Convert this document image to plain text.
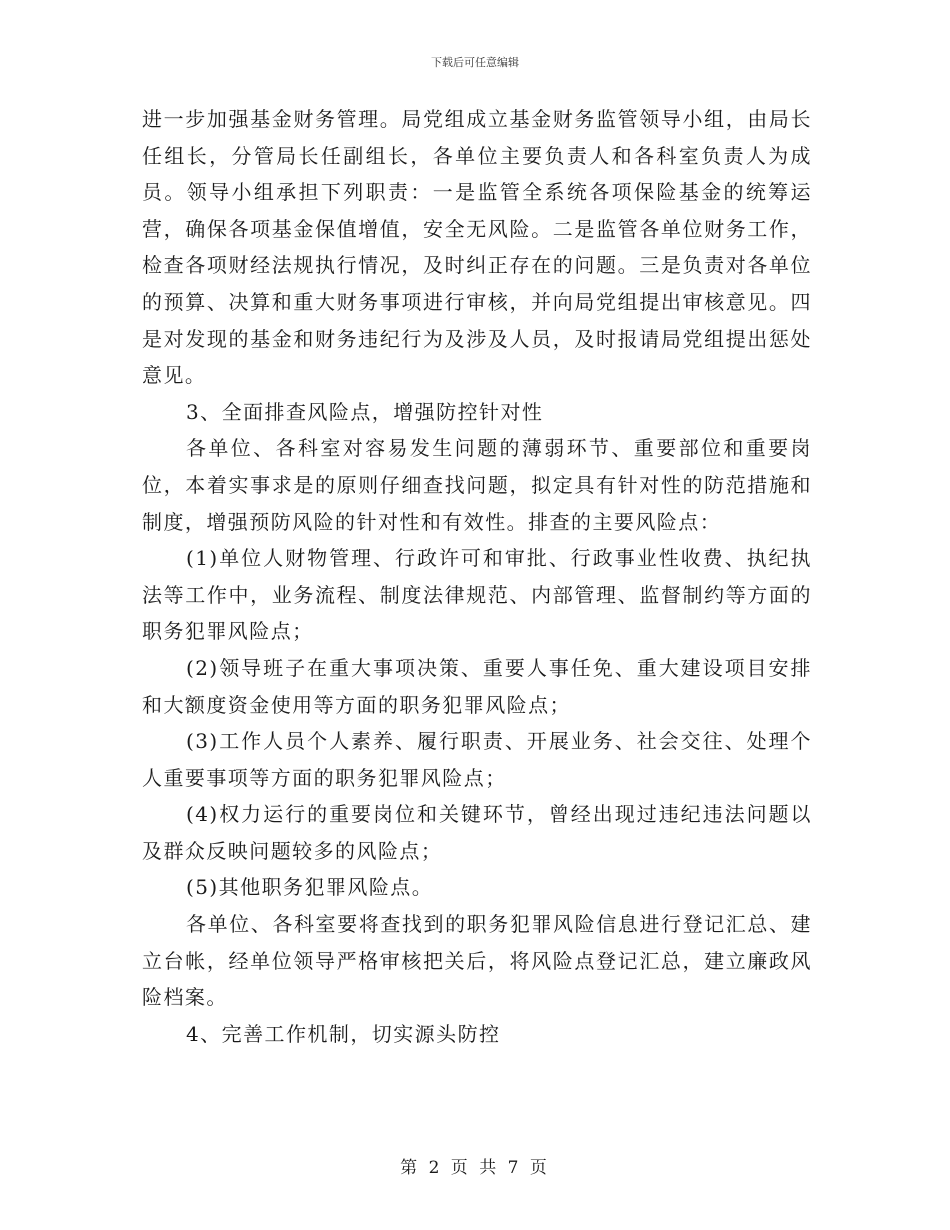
下载后可任意编辑

进一步加强基金财务管理。局党组成立基金财务监管领导小组，由局长任组长，分管局长任副组长，各单位主要负责人和各科室负责人为成员。领导小组承担下列职责：一是监管全系统各项保险基金的统筹运营，确保各项基金保值增值，安全无风险。二是监管各单位财务工作，检查各项财经法规执行情况，及时纠正存在的问题。三是负责对各单位的预算、决算和重大财务事项进行审核，并向局党组提出审核意见。四是对发现的基金和财务违纪行为及涉及人员，及时报请局党组提出惩处意见。

3、全面排查风险点，增强防控针对性

各单位、各科室对容易发生问题的薄弱环节、重要部位和重要岗位，本着实事求是的原则仔细查找问题，拟定具有针对性的防范措施和制度，增强预防风险的针对性和有效性。排查的主要风险点：

(1)单位人财物管理、行政许可和审批、行政事业性收费、执纪执法等工作中，业务流程、制度法律规范、内部管理、监督制约等方面的职务犯罪风险点；

(2)领导班子在重大事项决策、重要人事任免、重大建设项目安排和大额度资金使用等方面的职务犯罪风险点；

(3)工作人员个人素养、履行职责、开展业务、社会交往、处理个人重要事项等方面的职务犯罪风险点；

(4)权力运行的重要岗位和关键环节，曾经出现过违纪违法问题以及群众反映问题较多的风险点；

(5)其他职务犯罪风险点。

各单位、各科室要将查找到的职务犯罪风险信息进行登记汇总、建立台帐，经单位领导严格审核把关后，将风险点登记汇总，建立廉政风险档案。

4、完善工作机制，切实源头防控

第 2 页 共 7 页
